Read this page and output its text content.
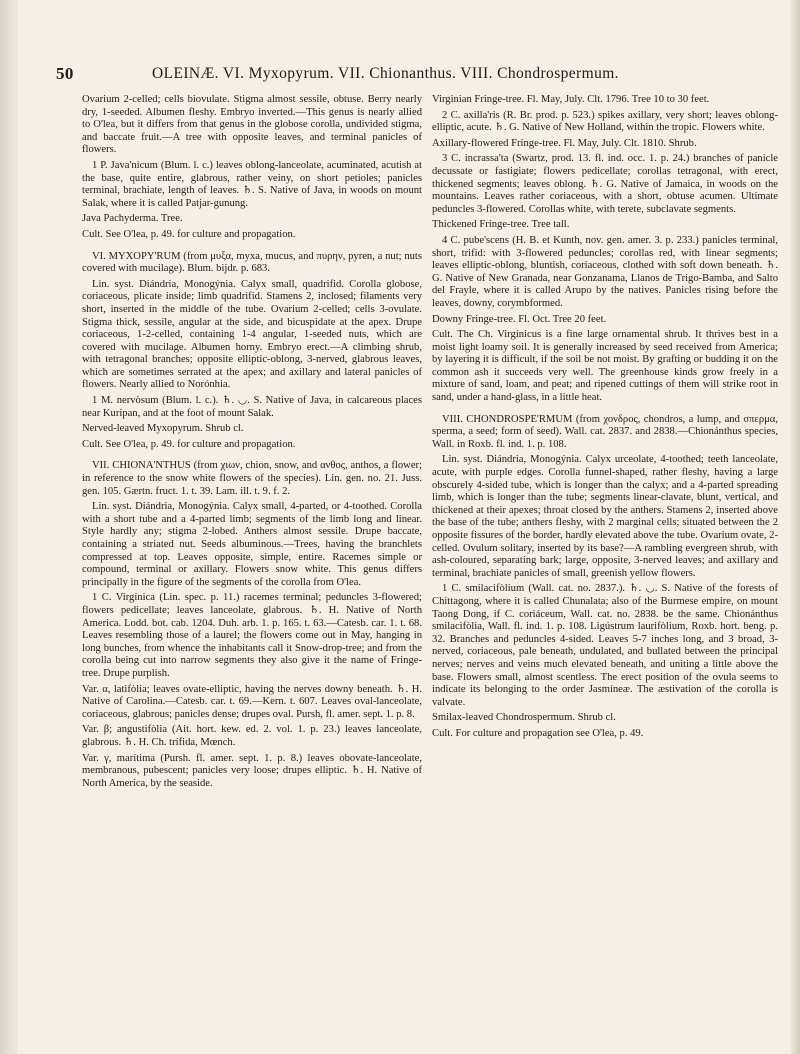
50	OLEINÆ. VI. Myxopyrum. VII. Chionanthus. VIII. Chondrospermum.

Ovarium 2-celled; cells biovulate. Stigma almost sessile, obtuse. Berry nearly dry, 1-seeded. Albumen fleshy. Embryo inverted.—This genus is nearly allied to O'lea, but it differs from that genus in the globose corolla, undivided stigma, and baccate fruit.—A tree with opposite leaves, and terminal panicles of flowers.

1 P. Java'nicum (Blum. l. c.) leaves oblong-lanceolate, acuminated, acutish at the base, quite entire, glabrous, rather veiny, on short petioles; panicles terminal, brachiate, length of leaves. ♄. S. Native of Java, in woods on mount Salak, where it is called Patjar-gunung.

Java Pachyderma. Tree.

Cult. See O'lea, p. 49. for culture and propagation.

VI. MYXOPY'RUM (from μυξα, myxa, mucus, and πυρην, pyren, a nut; nuts covered with mucilage). Blum. bijdr. p. 683.

Lin. syst. Diándria, Monogýnia. Calyx small, quadrifid. Corolla globose, coriaceous, plicate inside; limb quadrifid. Stamens 2, inclosed; filaments very short, inserted in the middle of the tube. Ovarium 2-celled; cells 3-ovulate. Stigma thick, sessile, angular at the side, and bicuspidate at the apex. Drupe coriaceous, 1-2-celled, containing 1-4 angular, 1-seeded nuts, which are covered with mucilage. Albumen horny. Embryo erect.—A climbing shrub, with tetragonal branches; opposite elliptic-oblong, 3-nerved, glabrous leaves, which are sometimes serrated at the apex; and axillary and lateral panicles of flowers. Nearly allied to Norónhia.

1 M. nervòsum (Blum. l. c.). ♄. ◡. S. Native of Java, in calcareous places near Kuripan, and at the foot of mount Salak.

Nerved-leaved Myxopyrum. Shrub cl.

Cult. See O'lea, p. 49. for culture and propagation.

VII. CHIONA'NTHUS (from χιων, chion, snow, and ανθος, anthos, a flower; in reference to the snow white flowers of the species). Lin. gen. no. 21. Juss. gen. 105. Gærtn. fruct. 1. t. 39. Lam. ill. t. 9. f. 2.

Lin. syst. Diándria, Monogýnia. Calyx small, 4-parted, or 4-toothed. Corolla with a short tube and a 4-parted limb; segments of the limb long and linear. Style hardly any; stigma 2-lobed. Anthers almost sessile. Drupe baccate, containing a striated nut. Seeds albuminous.—Trees, having the branchlets compressed at top. Leaves opposite, simple, entire. Racemes simple or compound, terminal or axillary. Flowers snow white. This genus differs principally in the figure of the segments of the corolla from O'lea.

1 C. Virgínica (Lin. spec. p. 11.) racemes terminal; peduncles 3-flowered; flowers pedicellate; leaves lanceolate, glabrous. ♄. H. Native of North America. Lodd. bot. cab. 1204. Duh. arb. 1. p. 165. t. 63.—Catesb. car. 1. t. 68. Leaves resembling those of a laurel; the flowers come out in May, hanging in long bunches, from whence the inhabitants call it Snow-drop-tree; and from the corolla being cut into narrow segments they also give it the name of Fringe-tree. Drupe purplish.

Var. α, latifòlia; leaves ovate-elliptic, having the nerves downy beneath. ♄. H. Native of Carolina.—Catesb. car. t. 69.—Kern. t. 607. Leaves oval-lanceolate, coriaceous, glabrous; panicles dense; drupes oval. Pursh, fl. amer. sept. 1. p. 8.

Var. β; angustifòlia (Ait. hort. kew. ed. 2. vol. 1. p. 23.) leaves lanceolate, glabrous. ♄. H. Ch. trífida, Mœnch.

Var. γ, marítima (Pursh. fl. amer. sept. 1. p. 8.) leaves obovate-lanceolate, membranous, pubescent; panicles very loose; drupes elliptic. ♄. H. Native of North America, by the seaside.

Virginian Fringe-tree. Fl. May, July. Clt. 1796. Tree 10 to 30 feet.

2 C. axilla'ris (R. Br. prod. p. 523.) spikes axillary, very short; leaves oblong-elliptic, acute. ♄. G. Native of New Holland, within the tropic. Flowers white.

Axillary-flowered Fringe-tree. Fl. May, July. Clt. 1810. Shrub.

3 C. incrassa'ta (Swartz, prod. 13. fl. ind. occ. 1. p. 24.) branches of panicle decussate or fastigiate; flowers pedicellate; corollas tetragonal, with erect, thickened segments; leaves oblong. ♄. G. Native of Jamaica, in woods on the mountains. Leaves rather coriaceous, with a short, obtuse acumen. Ultimate peduncles 3-flowered. Corollas white, with terete, subclavate segments.

Thickened Fringe-tree. Tree tall.

4 C. pube'scens (H. B. et Kunth, nov. gen. amer. 3. p. 233.) panicles terminal, short, trifid: with 3-flowered peduncles; corollas red, with linear segments; leaves elliptic-oblong, bluntish, coriaceous, clothed with soft down beneath. ♄. G. Native of New Granada, near Gonzanama, Llanos de Trigo-Bamba, and Salto del Frayle, where it is called Arupo by the natives. Panicles rising before the leaves, downy, corymbformed.

Downy Fringe-tree. Fl. Oct. Tree 20 feet.

Cult. The Ch. Virgínicus is a fine large ornamental shrub. It thrives best in a moist light loamy soil. It is generally increased by seed received from America; by layering it is difficult, if the soil be not moist. By grafting or budding it on the common ash it succeeds very well. The greenhouse kinds grow freely in a mixture of sand, loam, and peat; and ripened cuttings of them will strike root in sand, under a hand-glass, in a little heat.

VIII. CHONDROSPE'RMUM (from χονδρος, chondros, a lump, and σπερμα, sperma, a seed; form of seed). Wall. cat. 2837. and 2838.—Chionánthus species, Wall. in Roxb. fl. ind. 1. p. 108.

Lin. syst. Diándria, Monogýnia. Calyx urceolate, 4-toothed; teeth lanceolate, acute, with purple edges. Corolla funnel-shaped, rather fleshy, having a large obscurely 4-sided tube, which is longer than the calyx; and a 4-parted spreading limb, which is longer than the tube; segments linear-clavate, blunt, vertical, and thickened at their apexes; throat closed by the anthers. Stamens 2, inserted above the base of the tube; anthers fleshy, with 2 marginal cells; situated between the 2 opposite fissures of the border, hardly elevated above the tube. Ovarium ovate, 2-celled. Ovulum solitary, inserted by its base?—A rambling evergreen shrub, with ash-coloured, separating bark; large, opposite, 3-nerved leaves; and axillary and terminal, brachiate panicles of small, greenish yellow flowers.

1 C. smilacifòlium (Wall. cat. no. 2837.). ♄. ◡. S. Native of the forests of Chittagong, where it is called Chunalata; also of the Burmese empire, on mount Taong Dong, if C. coriáceum, Wall. cat. no. 2838. be the same. Chionánthus smilacifòlia, Wall. fl. ind. 1. p. 108. Ligústrum laurifòlium, Roxb. hort. beng. p. 32. Branches and peduncles 4-sided. Leaves 5-7 inches long, and 3 broad, 3-nerved, coriaceous, pale beneath, undulated, and bullated between the principal nerves; nerves and veins much elevated beneath, and uniting a little above the base. Flowers small, almost scentless. The erect position of the ovula seems to indicate its belonging to the order Jasmíneæ. The æstivation of the corolla is valvate.

Smilax-leaved Chondrospermum. Shrub cl.

Cult. For culture and propagation see O'lea, p. 49.
